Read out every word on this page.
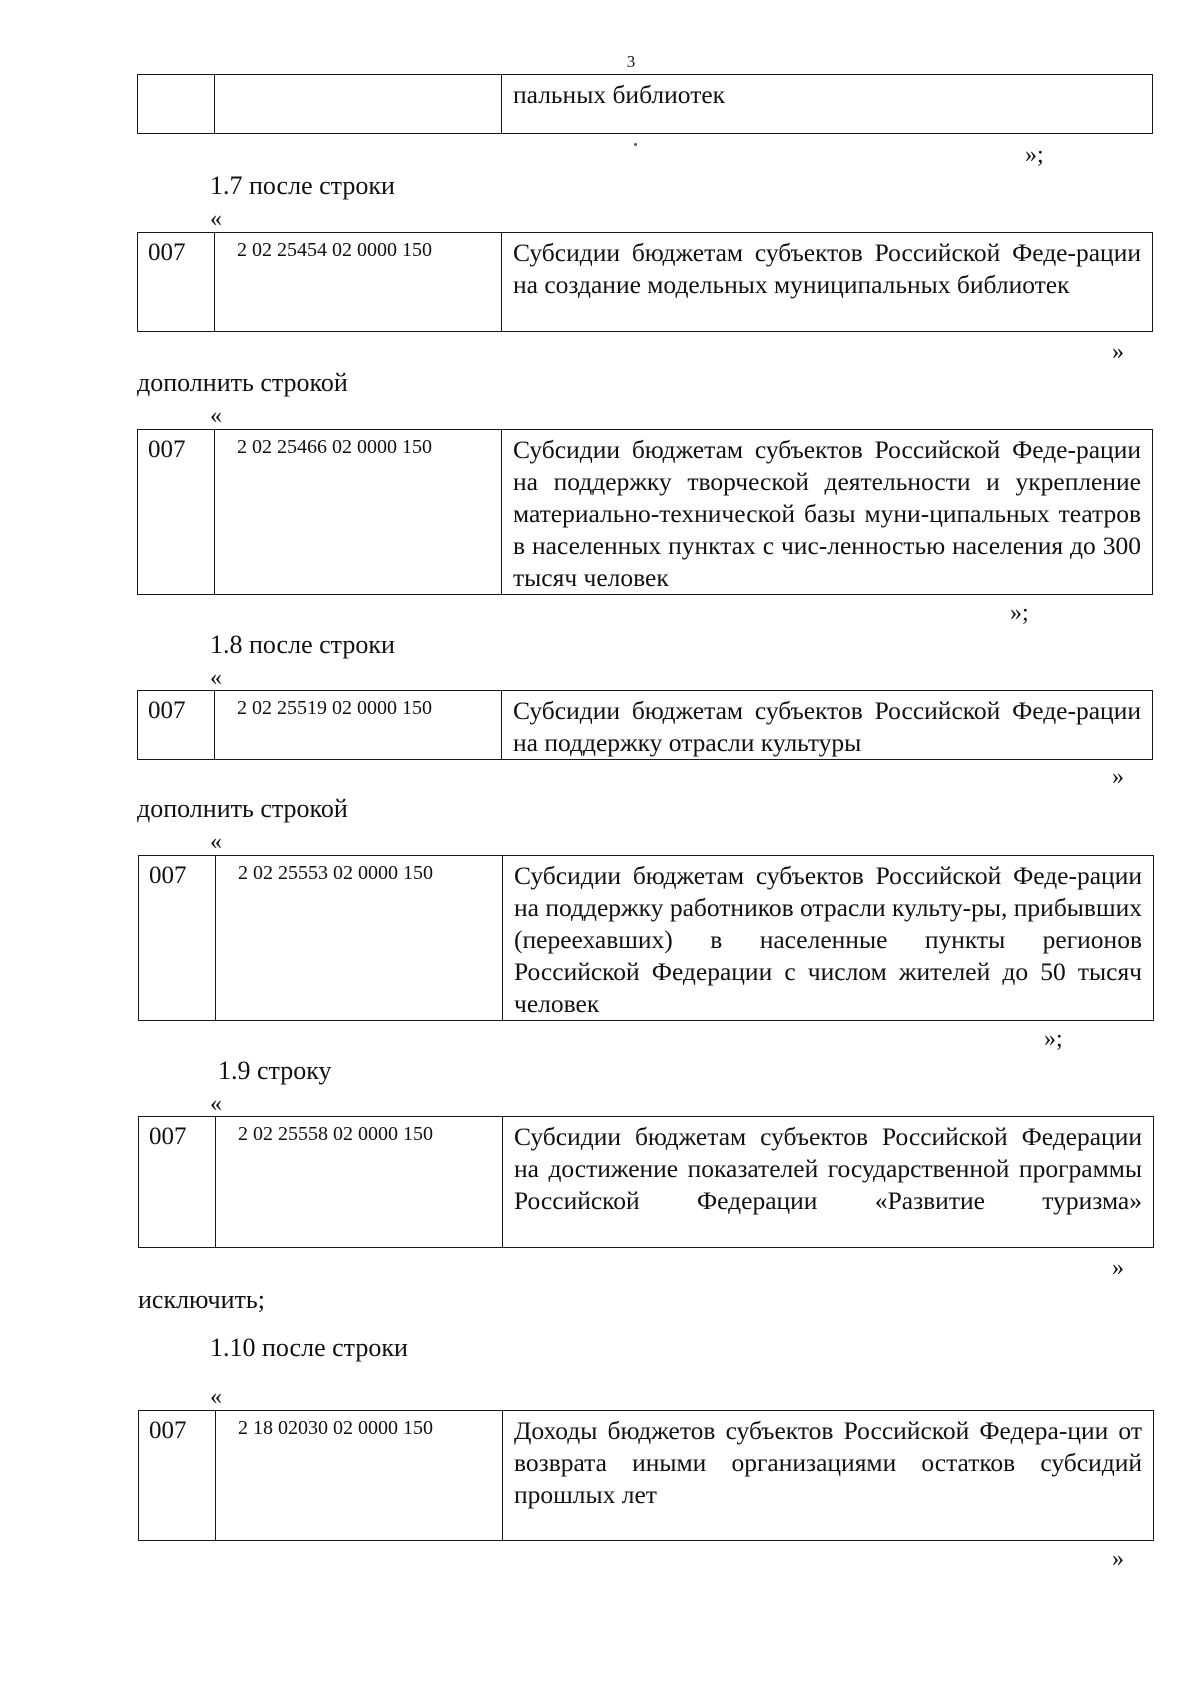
3
		пальных библиотек
»;
1.7 после строки
«
007	2 02 25454 02 0000 150	Субсидии бюджетам субъектов Российской Феде-рации на создание модельных муниципальных библиотек
»
дополнить строкой
«
007	2 02 25466 02 0000 150	Субсидии бюджетам субъектов Российской Феде-рации на поддержку творческой деятельности и укрепление материально-технической базы муни-ципальных театров в населенных пунктах с чис-ленностью населения до 300 тысяч человек
»;
1.8 после строки
«
007	2 02 25519 02 0000 150	Субсидии бюджетам субъектов Российской Феде-рации на поддержку отрасли культуры
»
дополнить строкой
«
007	2 02 25553 02 0000 150	Субсидии бюджетам субъектов Российской Феде-рации на поддержку работников отрасли культу-ры, прибывших (переехавших) в населенные пункты регионов Российской Федерации с числом жителей до 50 тысяч человек
»;
1.9 строку
«
007	2 02 25558 02 0000 150	Субсидии бюджетам субъектов Российской Федерации на достижение показателей государственной программы Российской Федерации «Развитие туризма»
»
исключить;
1.10 после строки
«
007	2 18 02030 02 0000 150	Доходы бюджетов субъектов Российской Федера-ции от возврата иными организациями остатков субсидий прошлых лет
»
